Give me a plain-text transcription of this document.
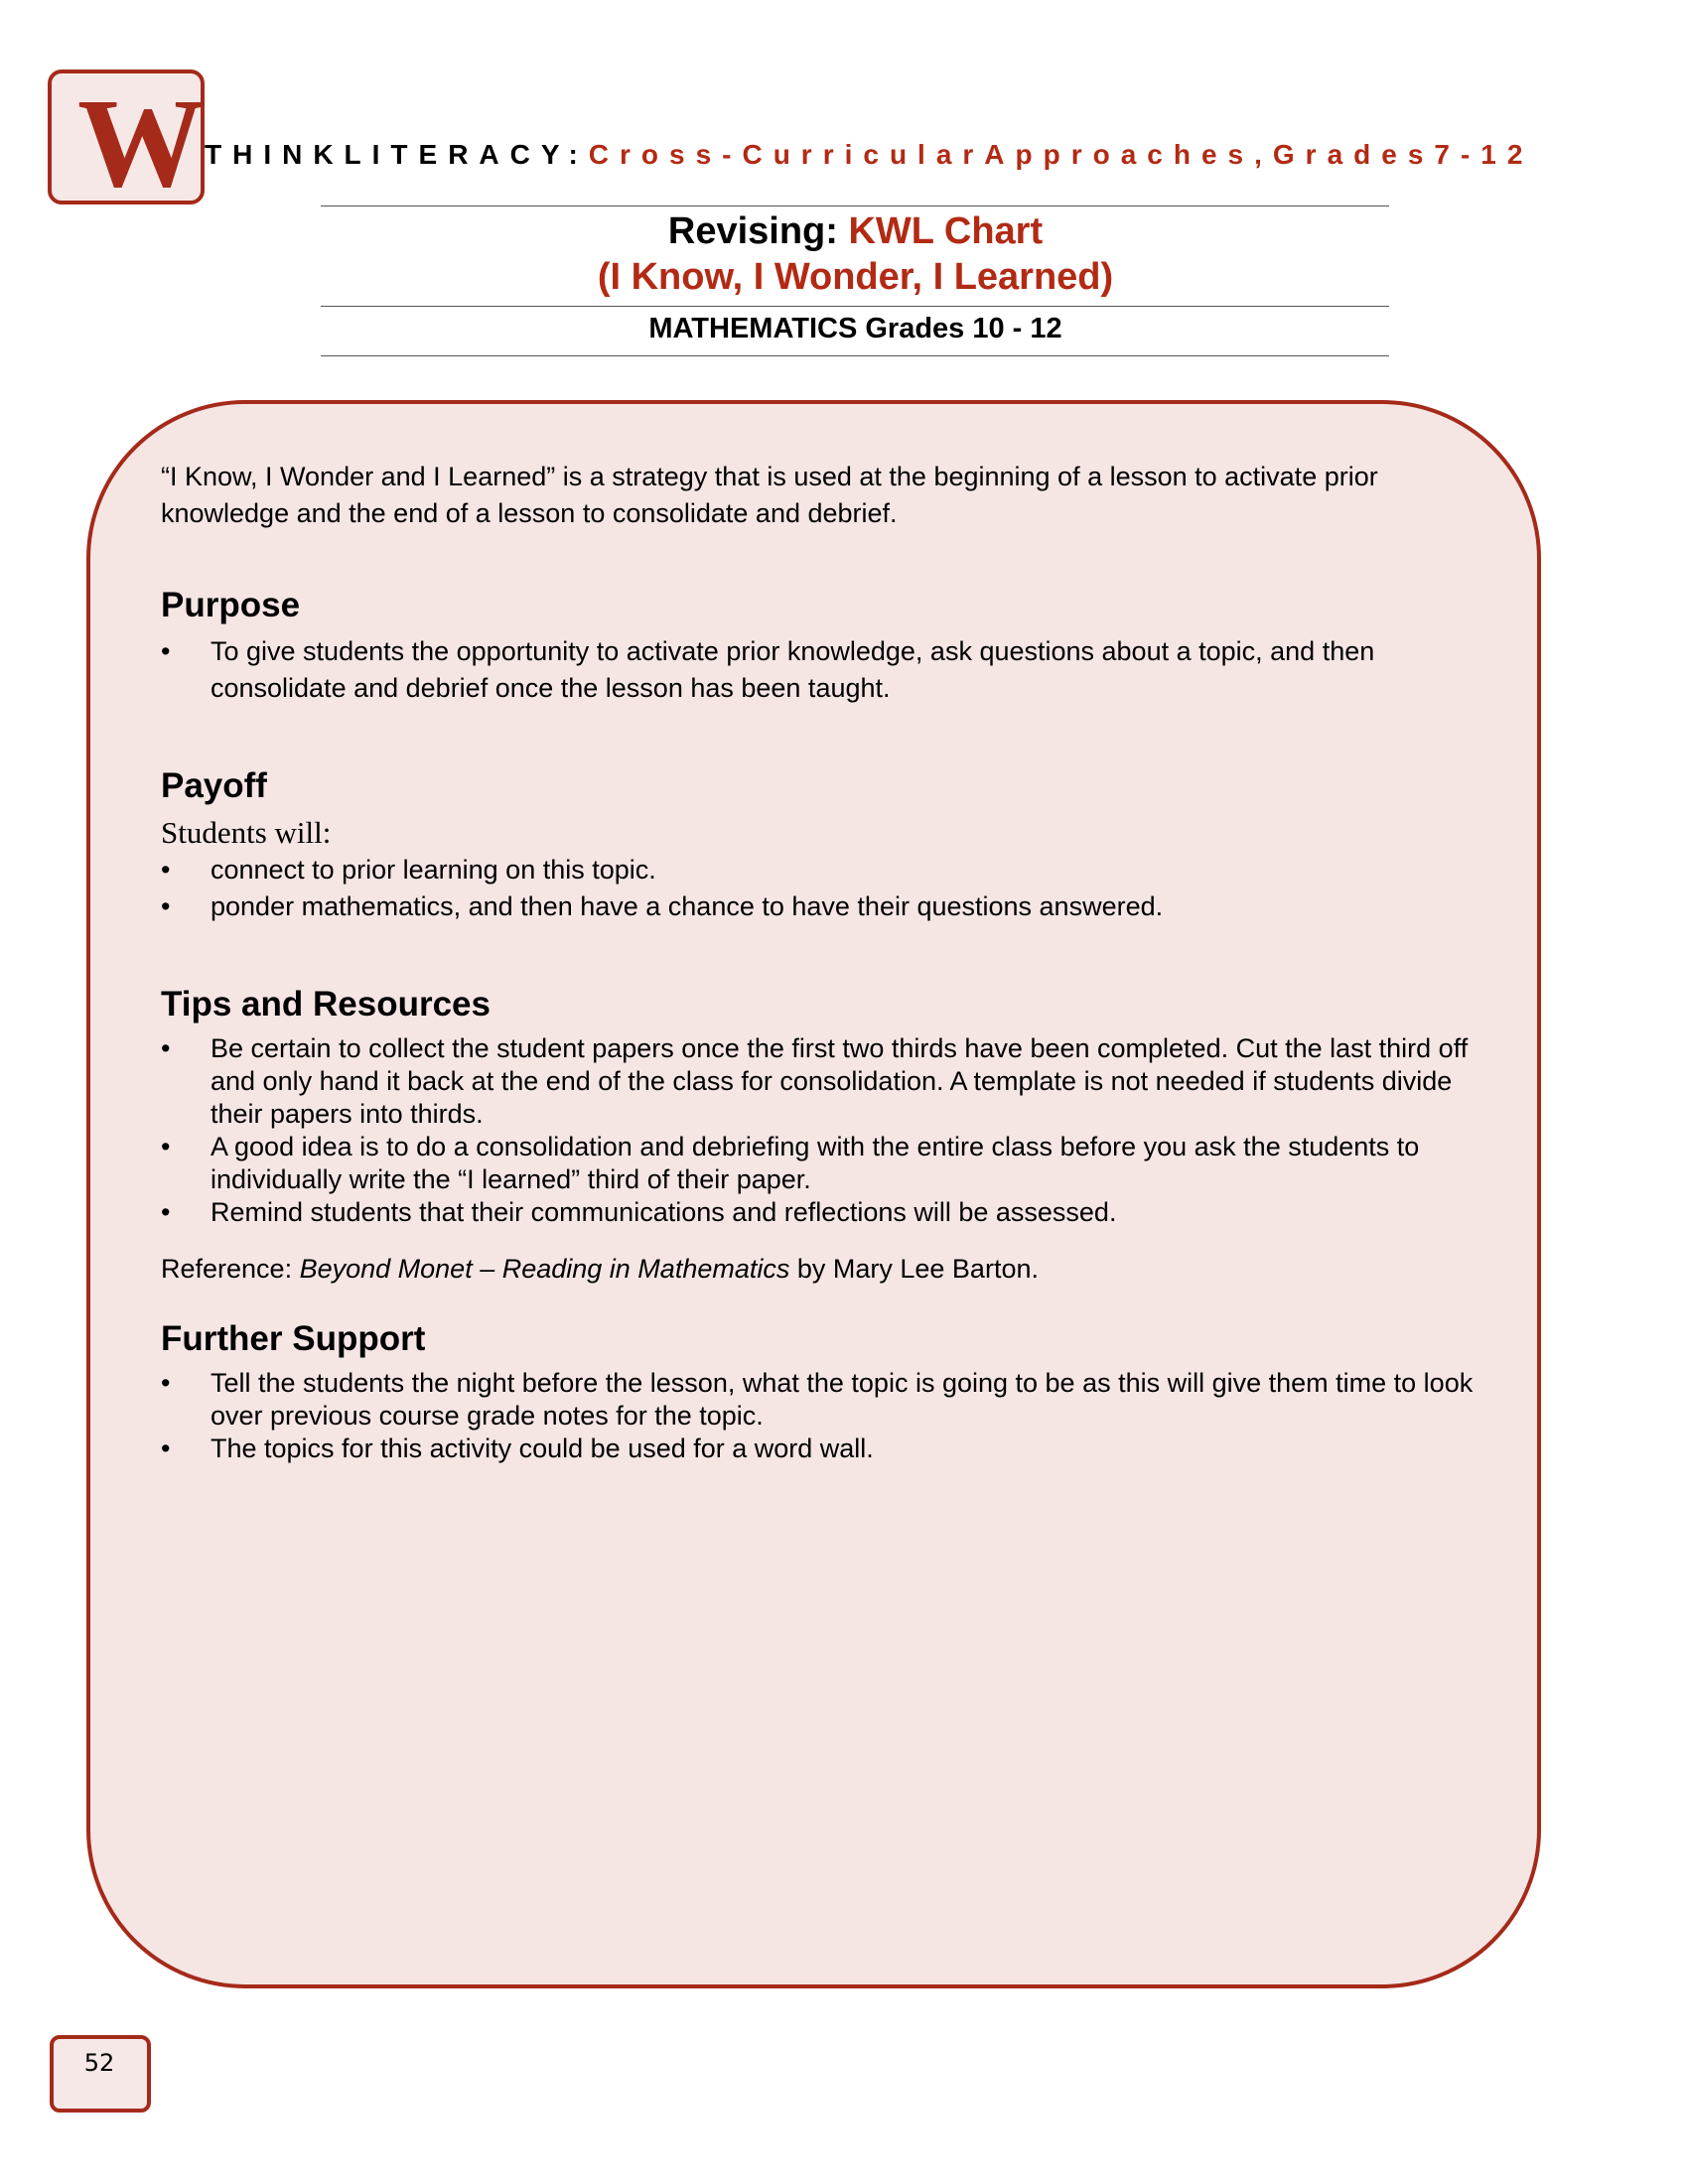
W THINKLITERACY:Cross-CurricularApproaches,Grades7-12
Revising: KWL Chart
(I Know, I Wonder, I Learned)
MATHEMATICS Grades 10 - 12

“I Know, I Wonder and I Learned” is a strategy that is used at the beginning of a lesson to activate prior knowledge and the end of a lesson to consolidate and debrief.

Purpose
• To give students the opportunity to activate prior knowledge, ask questions about a topic, and then consolidate and debrief once the lesson has been taught.
Payoff
Students will:
• connect to prior learning on this topic.
• ponder mathematics, and then have a chance to have their questions answered.
Tips and Resources
• Be certain to collect the student papers once the first two thirds have been completed. Cut the last third off and only hand it back at the end of the class for consolidation. A template is not needed if students divide their papers into thirds.
• A good idea is to do a consolidation and debriefing with the entire class before you ask the students to individually write the “I learned” third of their paper.
• Remind students that their communications and reflections will be assessed.

Reference: Beyond Monet – Reading in Mathematics by Mary Lee Barton.

Further Support
• Tell the students the night before the lesson, what the topic is going to be as this will give them time to look over previous course grade notes for the topic.
• The topics for this activity could be used for a word wall.
52
